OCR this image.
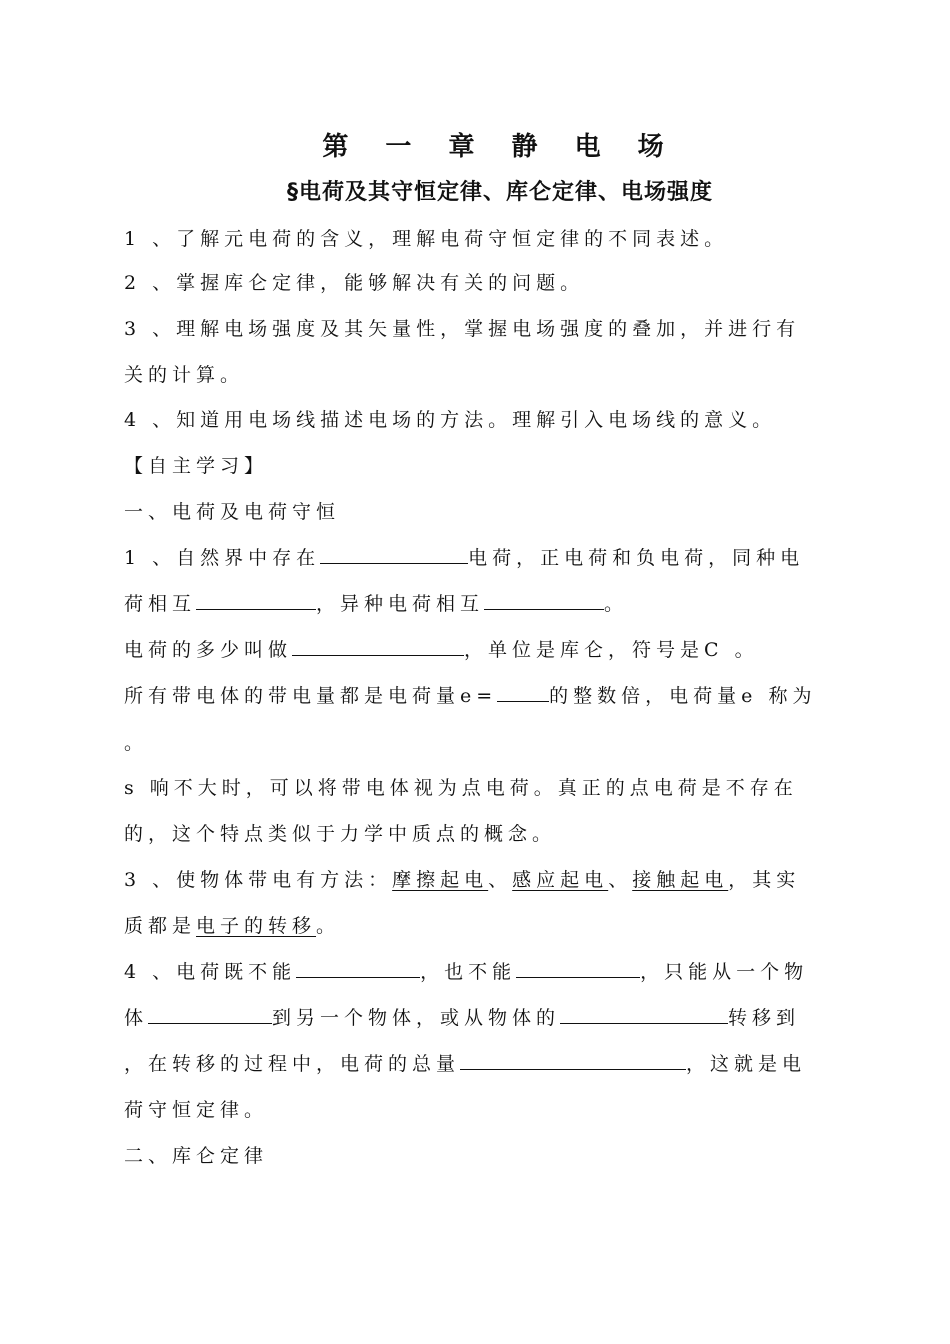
第 一 章 静 电 场
§电荷及其守恒定律、库仑定律、电场强度
1 、了解元电荷的含义，理解电荷守恒定律的不同表述。
2 、掌握库仑定律，能够解决有关的问题。
3 、理解电场强度及其矢量性，掌握电场强度的叠加，并进行有
关的计算。
4 、知道用电场线描述电场的方法。理解引入电场线的意义。
【自主学习】
一、电荷及电荷守恒
1 、自然界中存在	电荷，正电荷和负电荷，同种电
荷相互	，异种电荷相互	。
电荷的多少叫做	，单位是库仑，符号是C 。
所有带电体的带电量都是电荷量e=	的整数倍，电荷量e 称为
。
s 响不大时，可以将带电体视为点电荷。真正的点电荷是不存在
的，这个特点类似于力学中质点的概念。
3 、使物体带电有方法：摩擦起电、感应起电、接触起电，其实
质都是电子的转移。
4 、电荷既不能	，也不能	，只能从一个物
体	到另一个物体，或从物体的	转移到
，在转移的过程中，电荷的总量	，这就是电
荷守恒定律。
二、库仑定律
